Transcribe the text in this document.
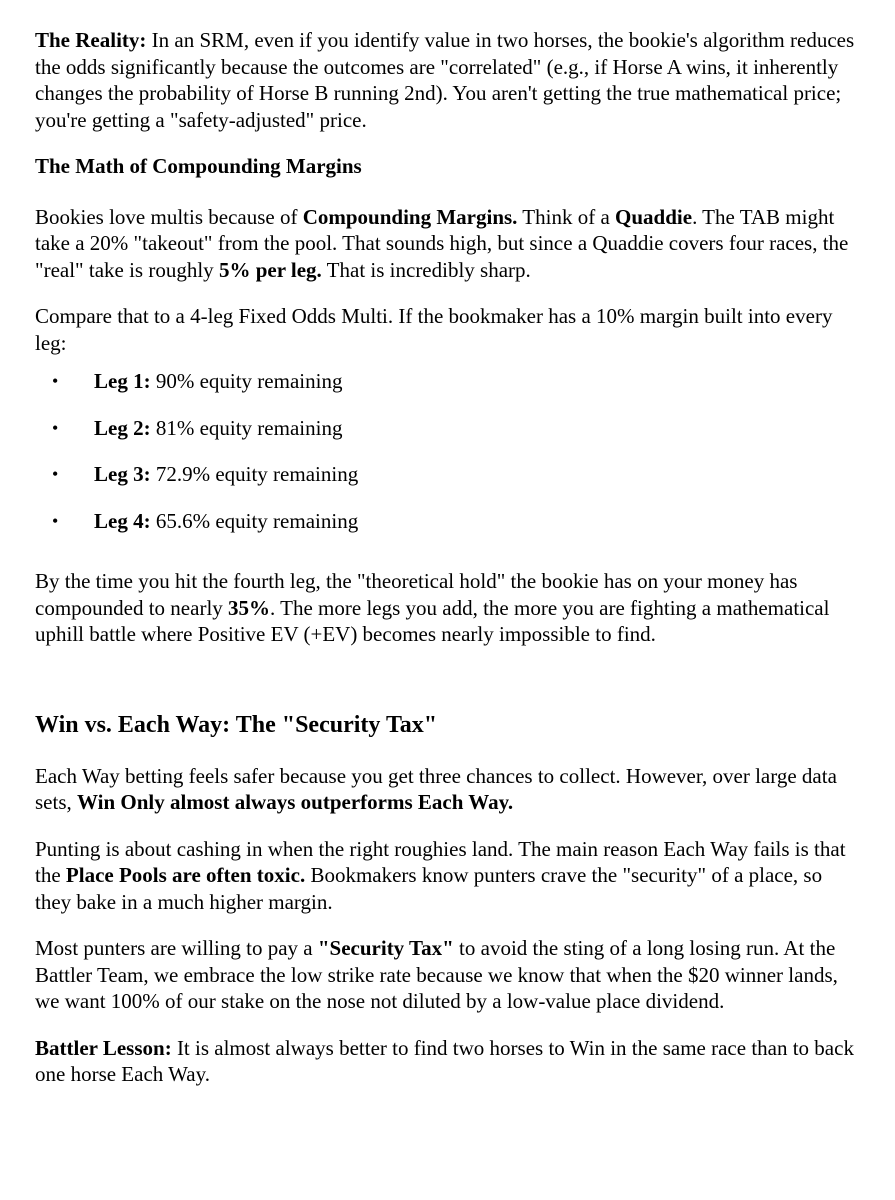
The Reality: In an SRM, even if you identify value in two horses, the bookie's algorithm reduces the odds significantly because the outcomes are "correlated" (e.g., if Horse A wins, it inherently changes the probability of Horse B running 2nd). You aren't getting the true mathematical price; you're getting a "safety-adjusted" price.

The Math of Compounding Margins

Bookies love multis because of Compounding Margins. Think of a Quaddie. The TAB might take a 20% "takeout" from the pool. That sounds high, but since a Quaddie covers four races, the "real" take is roughly 5% per leg. That is incredibly sharp.

Compare that to a 4-leg Fixed Odds Multi. If the bookmaker has a 10% margin built into every leg:

• Leg 1: 90% equity remaining
• Leg 2: 81% equity remaining
• Leg 3: 72.9% equity remaining
• Leg 4: 65.6% equity remaining

By the time you hit the fourth leg, the "theoretical hold" the bookie has on your money has compounded to nearly 35%. The more legs you add, the more you are fighting a mathematical uphill battle where Positive EV (+EV) becomes nearly impossible to find.

Win vs. Each Way: The "Security Tax"

Each Way betting feels safer because you get three chances to collect. However, over large data sets, Win Only almost always outperforms Each Way.

Punting is about cashing in when the right roughies land. The main reason Each Way fails is that the Place Pools are often toxic. Bookmakers know punters crave the "security" of a place, so they bake in a much higher margin.

Most punters are willing to pay a "Security Tax" to avoid the sting of a long losing run. At the Battler Team, we embrace the low strike rate because we know that when the $20 winner lands, we want 100% of our stake on the nose not diluted by a low-value place dividend.

Battler Lesson: It is almost always better to find two horses to Win in the same race than to back one horse Each Way.
